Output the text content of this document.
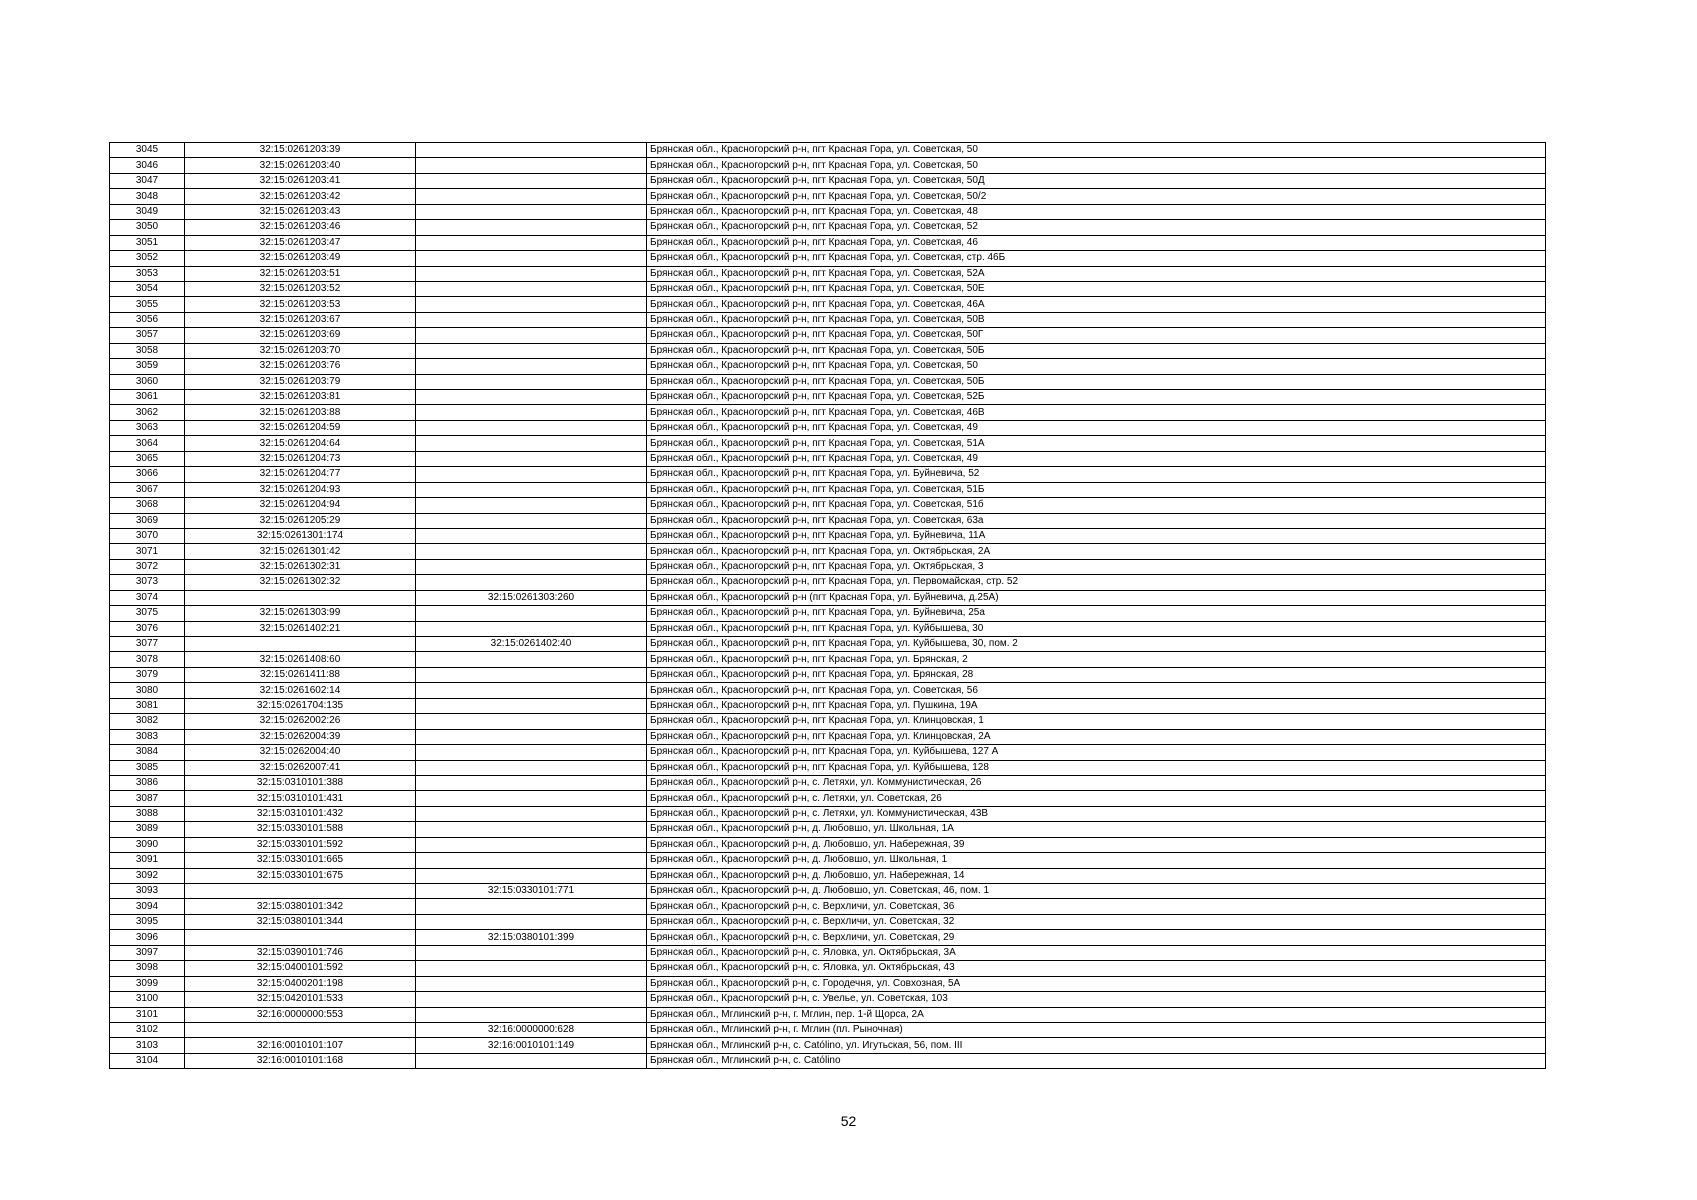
3045	32:15:0261203:39		Брянская обл., Красногорский р-н, пгт Красная Гора, ул. Советская, 50
3046	32:15:0261203:40		Брянская обл., Красногорский р-н, пгт Красная Гора, ул. Советская, 50
3047	32:15:0261203:41		Брянская обл., Красногорский р-н, пгт Красная Гора, ул. Советская, 50Д
3048	32:15:0261203:42		Брянская обл., Красногорский р-н, пгт Красная Гора, ул. Советская, 50/2
3049	32:15:0261203:43		Брянская обл., Красногорский р-н, пгт Красная Гора, ул. Советская, 48
3050	32:15:0261203:46		Брянская обл., Красногорский р-н, пгт Красная Гора, ул. Советская, 52
3051	32:15:0261203:47		Брянская обл., Красногорский р-н, пгт Красная Гора, ул. Советская, 46
3052	32:15:0261203:49		Брянская обл., Красногорский р-н, пгт Красная Гора, ул. Советская, стр. 46Б
3053	32:15:0261203:51		Брянская обл., Красногорский р-н, пгт Красная Гора, ул. Советская, 52А
3054	32:15:0261203:52		Брянская обл., Красногорский р-н, пгт Красная Гора, ул. Советская, 50Е
3055	32:15:0261203:53		Брянская обл., Красногорский р-н, пгт Красная Гора, ул. Советская, 46А
3056	32:15:0261203:67		Брянская обл., Красногорский р-н, пгт Красная Гора, ул. Советская, 50В
3057	32:15:0261203:69		Брянская обл., Красногорский р-н, пгт Красная Гора, ул. Советская, 50Г
3058	32:15:0261203:70		Брянская обл., Красногорский р-н, пгт Красная Гора, ул. Советская, 50Б
3059	32:15:0261203:76		Брянская обл., Красногорский р-н, пгт Красная Гора, ул. Советская, 50
3060	32:15:0261203:79		Брянская обл., Красногорский р-н, пгт Красная Гора, ул. Советская, 50Б
3061	32:15:0261203:81		Брянская обл., Красногорский р-н, пгт Красная Гора, ул. Советская, 52Б
3062	32:15:0261203:88		Брянская обл., Красногорский р-н, пгт Красная Гора, ул. Советская, 46В
3063	32:15:0261204:59		Брянская обл., Красногорский р-н, пгт Красная Гора, ул. Советская, 49
3064	32:15:0261204:64		Брянская обл., Красногорский р-н, пгт Красная Гора, ул. Советская, 51А
3065	32:15:0261204:73		Брянская обл., Красногорский р-н, пгт Красная Гора, ул. Советская, 49
3066	32:15:0261204:77		Брянская обл., Красногорский р-н, пгт Красная Гора, ул. Буйневича, 52
3067	32:15:0261204:93		Брянская обл., Красногорский р-н, пгт Красная Гора, ул. Советская, 51Б
3068	32:15:0261204:94		Брянская обл., Красногорский р-н, пгт Красная Гора, ул. Советская, 51б
3069	32:15:0261205:29		Брянская обл., Красногорский р-н, пгт Красная Гора, ул. Советская, 63а
3070	32:15:0261301:174		Брянская обл., Красногорский р-н, пгт Красная Гора, ул. Буйневича, 11А
3071	32:15:0261301:42		Брянская обл., Красногорский р-н, пгт Красная Гора, ул. Октябрьская, 2А
3072	32:15:0261302:31		Брянская обл., Красногорский р-н, пгт Красная Гора, ул. Октябрьская, 3
3073	32:15:0261302:32		Брянская обл., Красногорский р-н, пгт Красная Гора, ул. Первомайская, стр. 52
3074		32:15:0261303:260	Брянская обл., Красногорский р-н (пгт Красная Гора, ул. Буйневича, д.25А)
3075	32:15:0261303:99		Брянская обл., Красногорский р-н, пгт Красная Гора, ул. Буйневича, 25а
3076	32:15:0261402:21		Брянская обл., Красногорский р-н, пгт Красная Гора, ул. Куйбышева, 30
3077		32:15:0261402:40	Брянская обл., Красногорский р-н, пгт Красная Гора, ул. Куйбышева, 30, пом. 2
3078	32:15:0261408:60		Брянская обл., Красногорский р-н, пгт Красная Гора, ул. Брянская, 2
3079	32:15:0261411:88		Брянская обл., Красногорский р-н, пгт Красная Гора, ул. Брянская, 28
3080	32:15:0261602:14		Брянская обл., Красногорский р-н, пгт Красная Гора, ул. Советская, 56
3081	32:15:0261704:135		Брянская обл., Красногорский р-н, пгт Красная Гора, ул. Пушкина, 19А
3082	32:15:0262002:26		Брянская обл., Красногорский р-н, пгт Красная Гора, ул. Клинцовская, 1
3083	32:15:0262004:39		Брянская обл., Красногорский р-н, пгт Красная Гора, ул. Клинцовская, 2А
3084	32:15:0262004:40		Брянская обл., Красногорский р-н, пгт Красная Гора, ул. Куйбышева, 127 А
3085	32:15:0262007:41		Брянская обл., Красногорский р-н, пгт Красная Гора, ул. Куйбышева, 128
3086	32:15:0310101:388		Брянская обл., Красногорский р-н, с. Летяхи, ул. Коммунистическая, 26
3087	32:15:0310101:431		Брянская обл., Красногорский р-н, с. Летяхи, ул. Советская, 26
3088	32:15:0310101:432		Брянская обл., Красногорский р-н, с. Летяхи, ул. Коммунистическая, 43В
3089	32:15:0330101:588		Брянская обл., Красногорский р-н, д. Любовшо, ул. Школьная, 1А
3090	32:15:0330101:592		Брянская обл., Красногорский р-н, д. Любовшо, ул. Набережная, 39
3091	32:15:0330101:665		Брянская обл., Красногорский р-н, д. Любовшо, ул. Школьная, 1
3092	32:15:0330101:675		Брянская обл., Красногорский р-н, д. Любовшо, ул. Набережная, 14
3093		32:15:0330101:771	Брянская обл., Красногорский р-н, д. Любовшо, ул. Советская, 46, пом. 1
3094	32:15:0380101:342		Брянская обл., Красногорский р-н, с. Верхличи, ул. Советская, 36
3095	32:15:0380101:344		Брянская обл., Красногорский р-н, с. Верхличи, ул. Советская, 32
3096		32:15:0380101:399	Брянская обл., Красногорский р-н, с. Верхличи, ул. Советская, 29
3097	32:15:0390101:746		Брянская обл., Красногорский р-н, с. Яловка, ул. Октябрьская, 3А
3098	32:15:0400101:592		Брянская обл., Красногорский р-н, с. Яловка, ул. Октябрьская, 43
3099	32:15:0400201:198		Брянская обл., Красногорский р-н, с. Городечня, ул. Совхозная, 5А
3100	32:15:0420101:533		Брянская обл., Красногорский р-н, с. Увелье, ул. Советская, 103
3101	32:16:0000000:553		Брянская обл., Мглинский р-н, г. Мглин, пер. 1-й Щорса, 2А
3102		32:16:0000000:628	Брянская обл., Мглинский р-н, г. Мглин (пл. Рыночная)
3103	32:16:0010101:107	32:16:0010101:149	Брянская обл., Мглинский р-н, с. Católino, ул. Игутьская, 56, пом. III
3104	32:16:0010101:168		Брянская обл., Мглинский р-н, с. Católino
52
